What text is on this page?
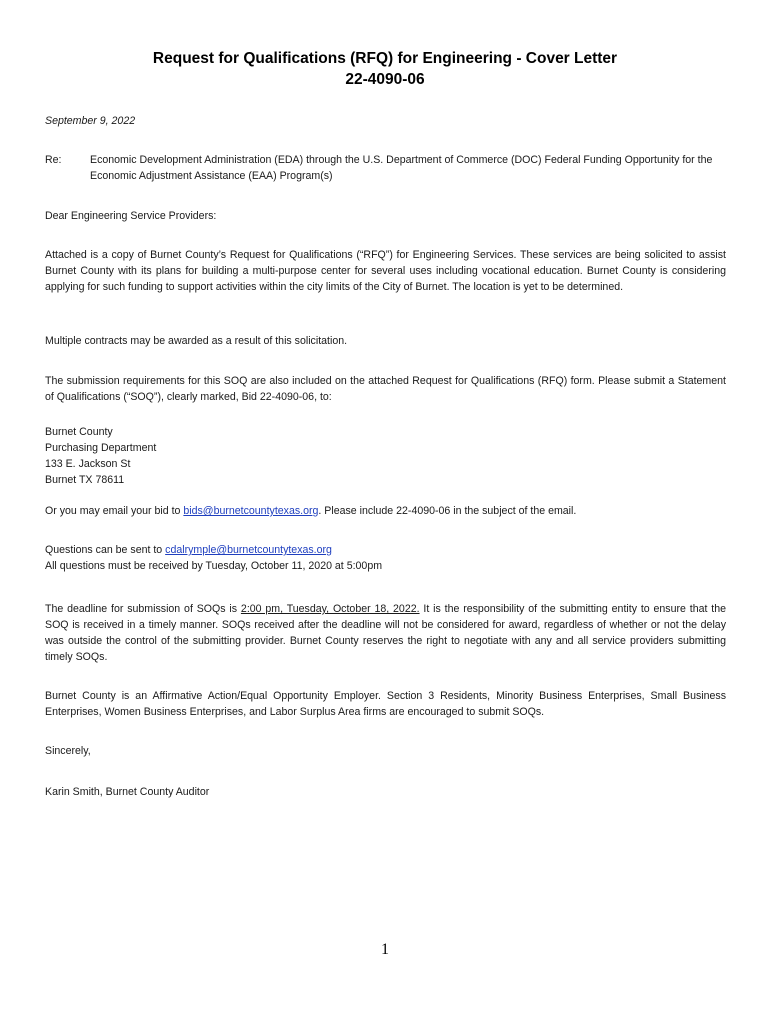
Request for Qualifications (RFQ) for Engineering - Cover Letter
22-4090-06
September 9, 2022
Re:	Economic Development Administration (EDA) through the U.S. Department of Commerce (DOC) Federal Funding Opportunity for the Economic Adjustment Assistance (EAA) Program(s)
Dear Engineering Service Providers:
Attached is a copy of Burnet County’s Request for Qualifications (“RFQ”) for Engineering Services. These services are being solicited to assist Burnet County with its plans for building a multi-purpose center for several uses including vocational education. Burnet County is considering applying for such funding to support activities within the city limits of the City of Burnet. The location is yet to be determined.
Multiple contracts may be awarded as a result of this solicitation.
The submission requirements for this SOQ are also included on the attached Request for Qualifications (RFQ) form. Please submit a Statement of Qualifications (“SOQ”), clearly marked, Bid 22-4090-06, to:
Burnet County
Purchasing Department
133 E. Jackson St
Burnet TX 78611
Or you may email your bid to bids@burnetcountytexas.org. Please include 22-4090-06 in the subject of the email.
Questions can be sent to cdalrymple@burnetcountytexas.org
All questions must be received by Tuesday, October 11, 2020 at 5:00pm
The deadline for submission of SOQs is 2:00 pm, Tuesday, October 18, 2022. It is the responsibility of the submitting entity to ensure that the SOQ is received in a timely manner. SOQs received after the deadline will not be considered for award, regardless of whether or not the delay was outside the control of the submitting provider. Burnet County reserves the right to negotiate with any and all service providers submitting timely SOQs.
Burnet County is an Affirmative Action/Equal Opportunity Employer. Section 3 Residents, Minority Business Enterprises, Small Business Enterprises, Women Business Enterprises, and Labor Surplus Area firms are encouraged to submit SOQs.
Sincerely,
Karin Smith, Burnet County Auditor
1
